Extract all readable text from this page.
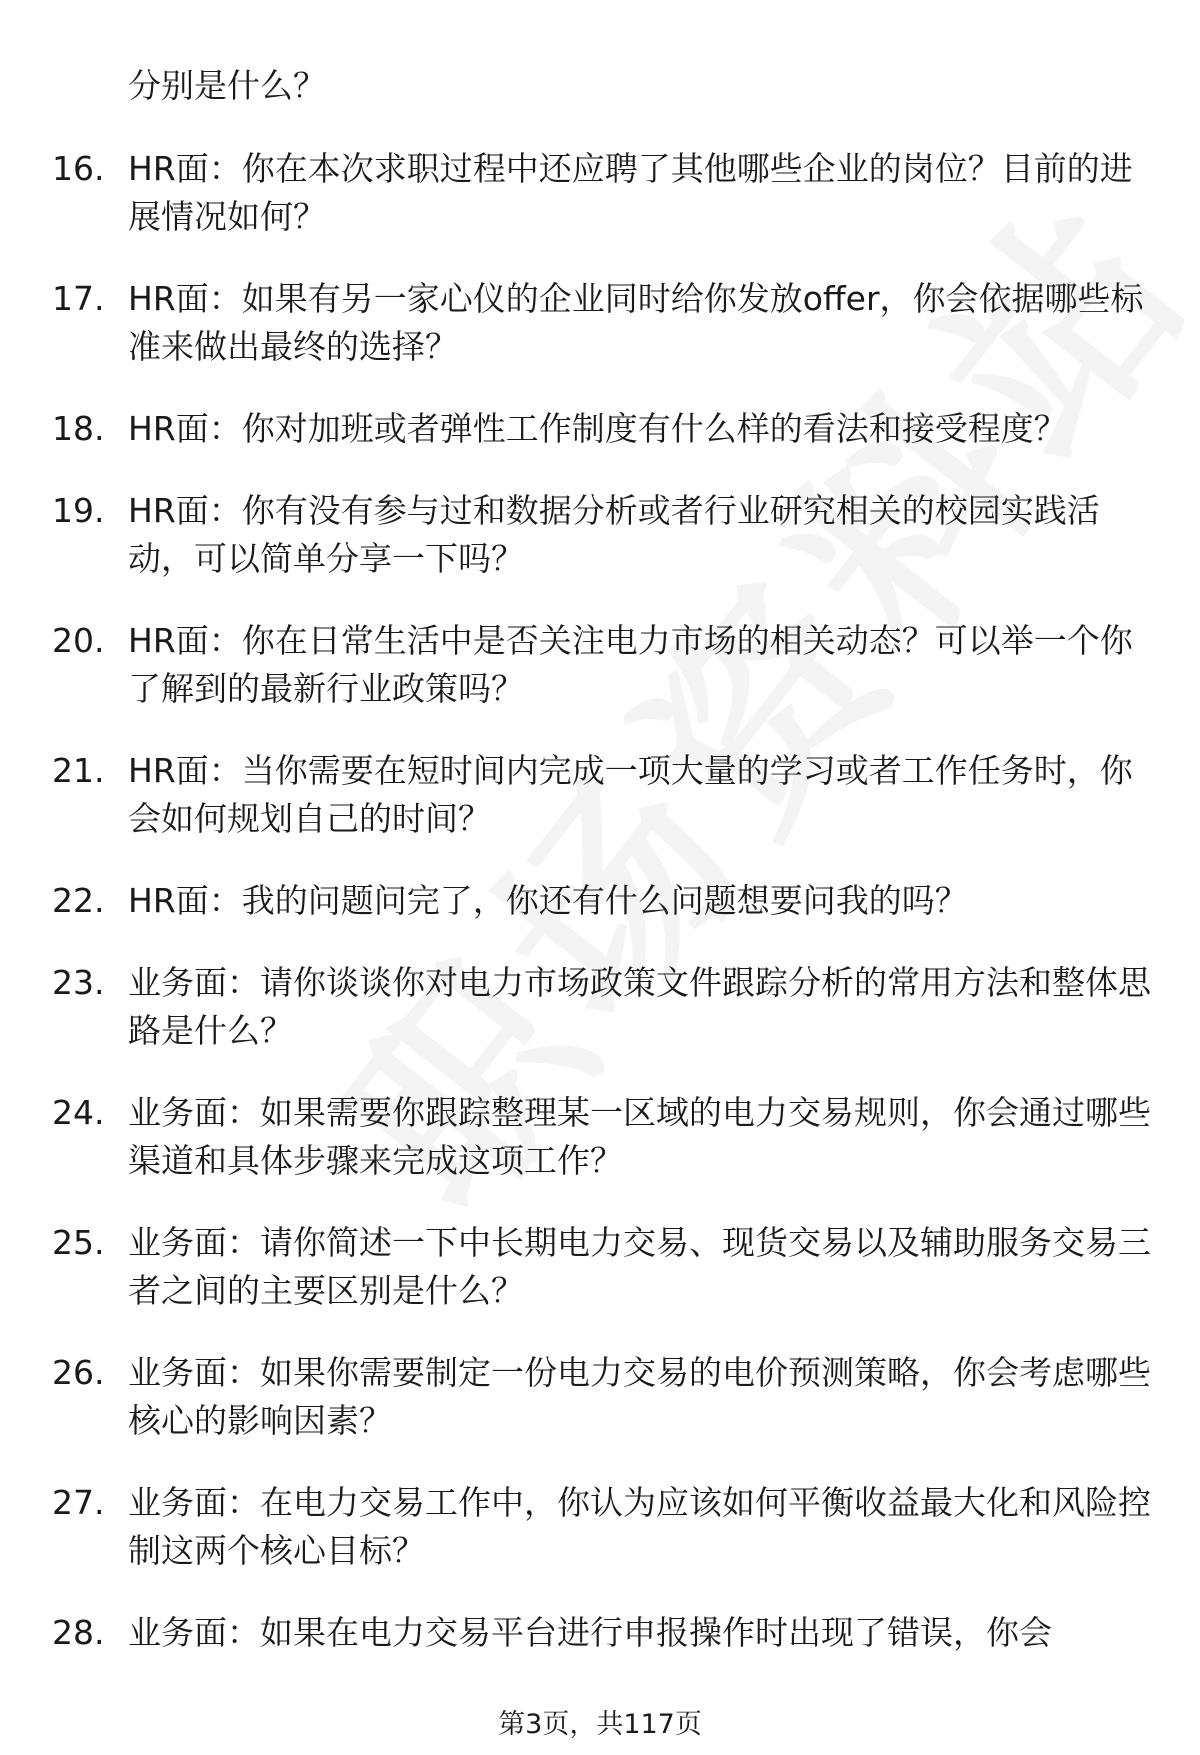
分别是什么？

16. HR面：你在本次求职过程中还应聘了其他哪些企业的岗位？目前的进展情况如何？
17. HR面：如果有另一家心仪的企业同时给你发放offer，你会依据哪些标准来做出最终的选择？
18. HR面：你对加班或者弹性工作制度有什么样的看法和接受程度？
19. HR面：你有没有参与过和数据分析或者行业研究相关的校园实践活动，可以简单分享一下吗？
20. HR面：你在日常生活中是否关注电力市场的相关动态？可以举一个你了解到的最新行业政策吗？
21. HR面：当你需要在短时间内完成一项大量的学习或者工作任务时，你会如何规划自己的时间？
22. HR面：我的问题问完了，你还有什么问题想要问我的吗？
23. 业务面：请你谈谈你对电力市场政策文件跟踪分析的常用方法和整体思路是什么？
24. 业务面：如果需要你跟踪整理某一区域的电力交易规则，你会通过哪些渠道和具体步骤来完成这项工作？
25. 业务面：请你简述一下中长期电力交易、现货交易以及辅助服务交易三者之间的主要区别是什么？
26. 业务面：如果你需要制定一份电力交易的电价预测策略，你会考虑哪些核心的影响因素？
27. 业务面：在电力交易工作中，你认为应该如何平衡收益最大化和风险控制这两个核心目标？
28. 业务面：如果在电力交易平台进行申报操作时出现了错误，你会
第3页，共117页
